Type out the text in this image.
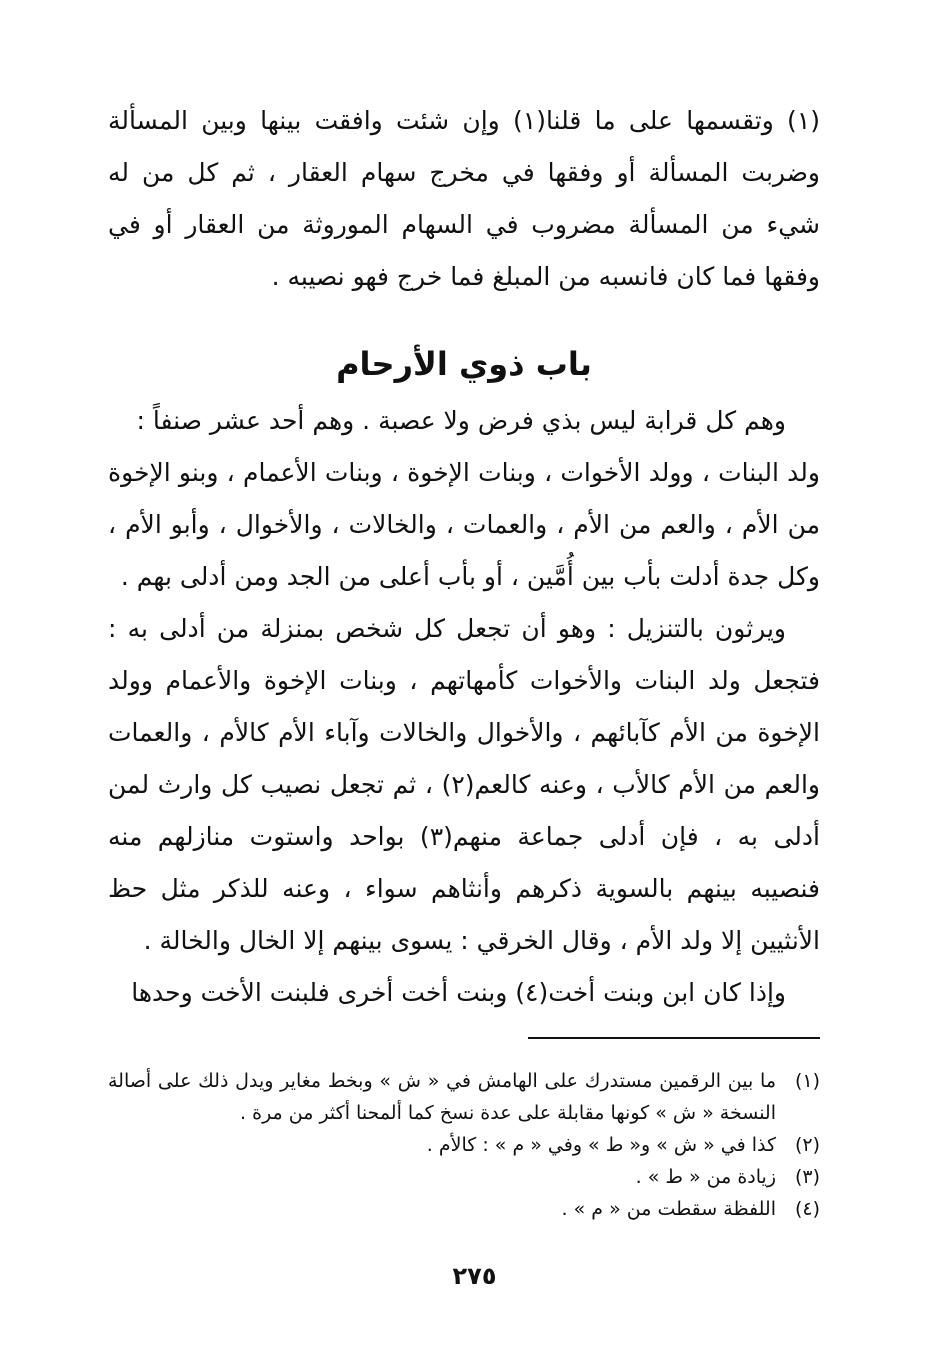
(١) وتقسمها على ما قلنا(١) وإن شئت وافقت بينها وبين المسألة وضربت المسألة أو وفقها في مخرج سهام العقار ، ثم كل من له شيء من المسألة مضروب في السهام الموروثة من العقار أو في وفقها فما كان فانسبه من المبلغ فما خرج فهو نصيبه .

باب ذوي الأرحام

وهم كل قرابة ليس بذي فرض ولا عصبة . وهم أحد عشر صنفاً :

ولد البنات ، وولد الأخوات ، وبنات الإخوة ، وبنات الأعمام ، وبنو الإخوة من الأم ، والعم من الأم ، والعمات ، والخالات ، والأخوال ، وأبو الأم ، وكل جدة أدلت بأب بين أُمَّين ، أو بأب أعلى من الجد ومن أدلى بهم .

ويرثون بالتنزيل : وهو أن تجعل كل شخص بمنزلة من أدلى به : فتجعل ولد البنات والأخوات كأمهاتهم ، وبنات الإخوة والأعمام وولد الإخوة من الأم كآبائهم ، والأخوال والخالات وآباء الأم كالأم ، والعمات والعم من الأم كالأب ، وعنه كالعم(٢) ، ثم تجعل نصيب كل وارث لمن أدلى به ، فإن أدلى جماعة منهم(٣) بواحد واستوت منازلهم منه فنصيبه بينهم بالسوية ذكرهم وأنثاهم سواء ، وعنه للذكر مثل حظ الأنثيين إلا ولد الأم ، وقال الخرقي : يسوى بينهم إلا الخال والخالة .

وإذا كان ابن وبنت أخت(٤) وبنت أخت أخرى فلبنت الأخت وحدها

(١)
ما بين الرقمين مستدرك على الهامش في « ش » وبخط مغاير ويدل ذلك على أصالة النسخة « ش » كونها مقابلة على عدة نسخ كما ألمحنا أكثر من مرة .
(٢)
كذا في « ش » و« ط » وفي « م » : كالأم .
(٣)
زيادة من « ط » .
(٤)
اللفظة سقطت من « م » .
٢٧٥
